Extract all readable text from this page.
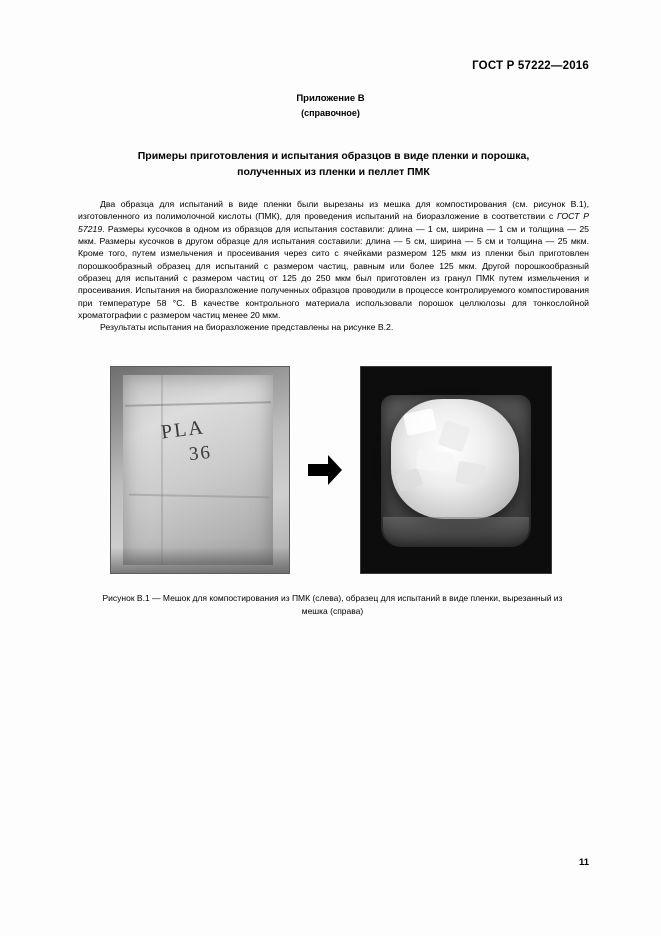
ГОСТ Р 57222—2016
Приложение В
(справочное)
Примеры приготовления и испытания образцов в виде пленки и порошка,
полученных из пленки и пеллет ПМК

Два образца для испытаний в виде пленки были вырезаны из мешка для компостирования (см. рисунок В.1), изготовленного из полимолочной кислоты (ПМК), для проведения испытаний на биоразложение в соответствии с ГОСТ Р 57219. Размеры кусочков в одном из образцов для испытания составили: длина — 1 см, ширина — 1 см и толщина — 25 мкм. Размеры кусочков в другом образце для испытания составили: длина — 5 см, ширина — 5 см и толщина — 25 мкм. Кроме того, путем измельчения и просеивания через сито с ячейками размером 125 мкм из пленки был приготовлен порошкообразный образец для испытаний с размером частиц, равным или более 125 мкм. Другой порошкообразный образец для испытаний с размером частиц от 125 до 250 мкм был приготовлен из гранул ПМК путем измельчения и просеивания. Испытания на биоразложение полученных образцов проводили в процессе контролируемого компостирования при температуре 58 °C. В качестве контрольного материала использовали порошок целлюлозы для тонкослойной хроматографии с размером частиц менее 20 мкм.

Результаты испытания на биоразложение представлены на рисунке В.2.

PLA
36
Рисунок В.1 — Мешок для компостирования из ПМК (слева), образец для испытаний в виде пленки, вырезанный из мешка (справа)
11
